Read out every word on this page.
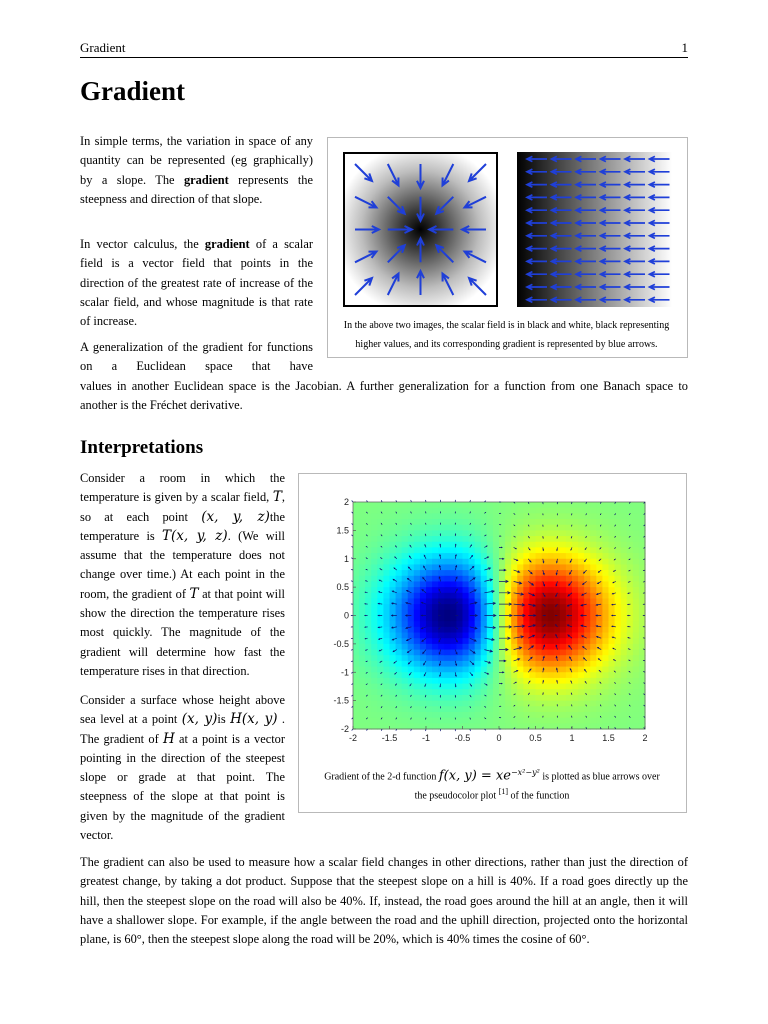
Gradient	1
Gradient

In simple terms, the variation in space of any quantity can be represented (eg graphically) by a slope. The gradient represents the steepness and direction of that slope.

In vector calculus, the gradient of a scalar field is a vector field that points in the direction of the greatest rate of increase of the scalar field, and whose magnitude is that rate of increase.

A generalization of the gradient for functions on a Euclidean space that have

values in another Euclidean space is the Jacobian. A further generalization for a function from one Banach space to another is the Fréchet derivative.

In the above two images, the scalar field is in black and white, black representing
higher values, and its corresponding gradient is represented by blue arrows.
Interpretations

Consider a room in which the temperature is given by a scalar field, T, so at each point (x, y, z)the temperature is T(x, y, z). (We will assume that the temperature does not change over time.) At each point in the room, the gradient of T at that point will show the direction the temperature rises most quickly. The magnitude of the gradient will determine how fast the temperature rises in that direction.

Consider a surface whose height above sea level at a point (x, y)is H(x, y) . The gradient of H at a point is a vector pointing in the direction of the steepest slope or grade at that point. The steepness of the slope at that point is given by the magnitude of the gradient vector.

The gradient can also be used to measure how a scalar field changes in other directions, rather than just the direction of greatest change, by taking a dot product. Suppose that the steepest slope on a hill is 40%. If a road goes directly up the hill, then the steepest slope on the road will also be 40%. If, instead, the road goes around the hill at an angle, then it will have a shallower slope. For example, if the angle between the road and the uphill direction, projected onto the horizontal plane, is 60°, then the steepest slope along the road will be 20%, which is 40% times the cosine of 60°.

-2	-1.5	-1	-0.5	0	0.5	1	1.5	2
2
1.5
1
0.5
0
-0.5
-1
-1.5
-2
Gradient of the 2-d function f(x, $y) = xe^{-x^2-y^2}$ is plotted as blue arrows over
the pseudocolor plot [1] of the function
